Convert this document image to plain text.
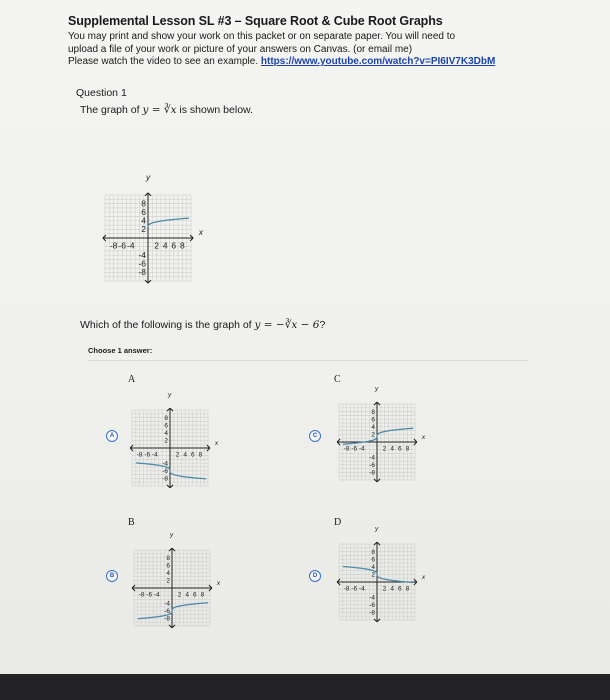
Supplemental Lesson SL #3 – Square Root & Cube Root Graphs
You may print and show your work on this packet or on separate paper. You will need to
upload a file of your work or picture of your answers on Canvas. (or email me)
Please watch the video to see an example. https://www.youtube.com/watch?v=PI6IV7K3DbM
Question 1
The graph of y = ∛x is shown below.
-8 -6 -4 2 4 6 8
8
6
4
2
-4
-6
-8
x
y
Which of the following is the graph of y = −∛x − 6?
Choose 1 answer:
A
A
-8 -6 -4	2 4 6 8
8
6
4
2
-4
-6
-8
x
y
C
C
-8 -6 -4	2 4 6 8
8
6
4
2
-4
-6
-8
x
y
B
B
-8 -6 -4	2 4 6 8
8
6
4
2
-4
-6
-8
x
y
D
D
-8 -6 -4	2 4 6 8
8
6
4
2
-4
-6
-8
x
y
